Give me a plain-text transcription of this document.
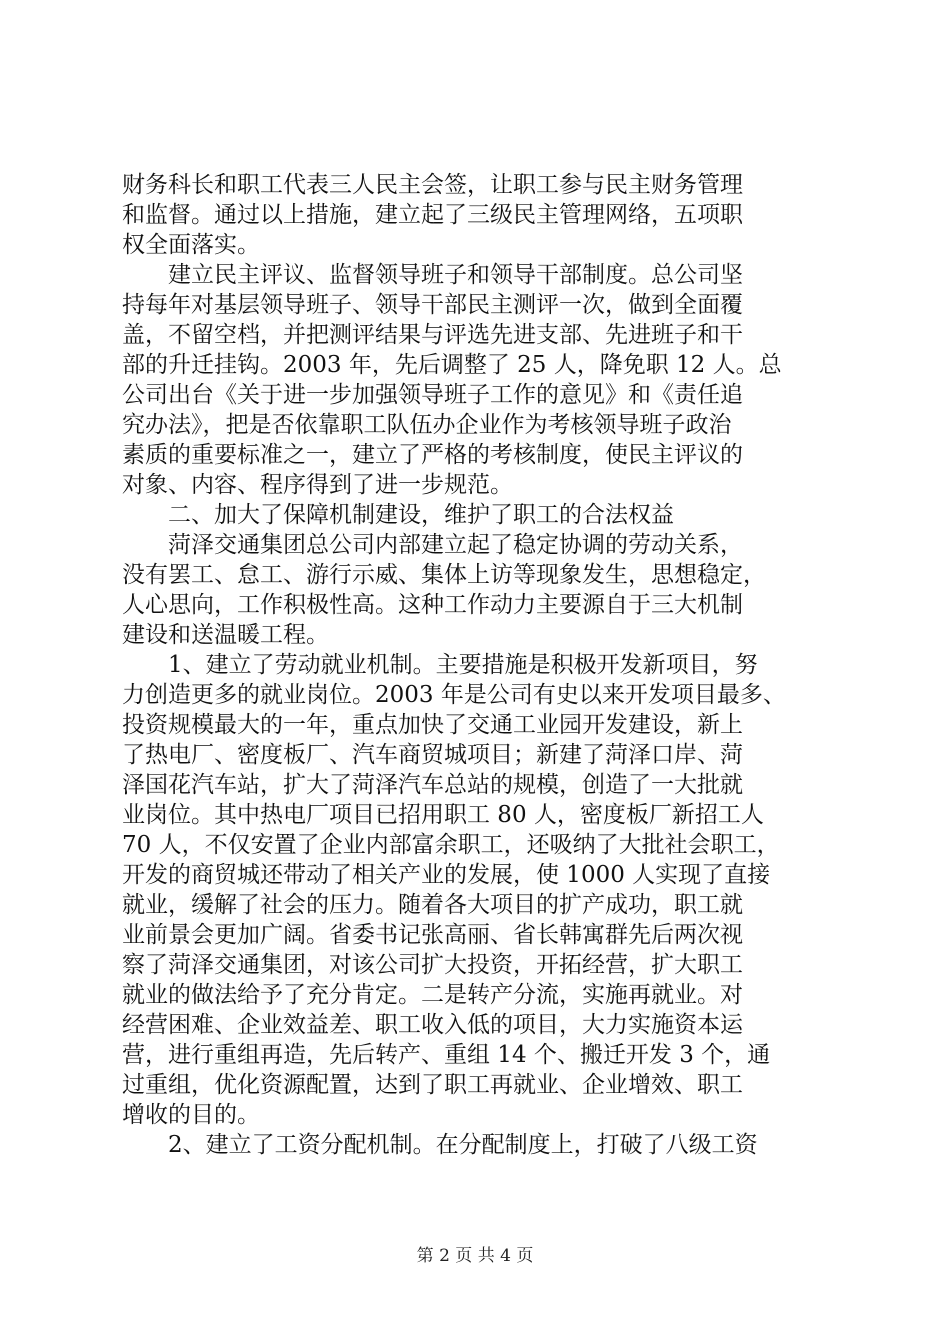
财务科长和职工代表三人民主会签，让职工参与民主财务管理
和监督。通过以上措施，建立起了三级民主管理网络，五项职
权全面落实。
建立民主评议、监督领导班子和领导干部制度。总公司坚
持每年对基层领导班子、领导干部民主测评一次，做到全面覆
盖，不留空档，并把测评结果与评选先进支部、先进班子和干
部的升迁挂钩。2003 年，先后调整了 25 人，降免职 12 人。总
公司出台《关于进一步加强领导班子工作的意见》和《责任追
究办法》，把是否依靠职工队伍办企业作为考核领导班子政治
素质的重要标准之一，建立了严格的考核制度，使民主评议的
对象、内容、程序得到了进一步规范。
二、加大了保障机制建设，维护了职工的合法权益
菏泽交通集团总公司内部建立起了稳定协调的劳动关系，
没有罢工、怠工、游行示威、集体上访等现象发生，思想稳定，
人心思向，工作积极性高。这种工作动力主要源自于三大机制
建设和送温暖工程。
1、建立了劳动就业机制。主要措施是积极开发新项目，努
力创造更多的就业岗位。2003 年是公司有史以来开发项目最多、
投资规模最大的一年，重点加快了交通工业园开发建设，新上
了热电厂、密度板厂、汽车商贸城项目；新建了菏泽口岸、菏
泽国花汽车站，扩大了菏泽汽车总站的规模，创造了一大批就
业岗位。其中热电厂项目已招用职工 80 人，密度板厂新招工人
70 人，不仅安置了企业内部富余职工，还吸纳了大批社会职工，
开发的商贸城还带动了相关产业的发展，使 1000 人实现了直接
就业，缓解了社会的压力。随着各大项目的扩产成功，职工就
业前景会更加广阔。省委书记张高丽、省长韩寓群先后两次视
察了菏泽交通集团，对该公司扩大投资，开拓经营，扩大职工
就业的做法给予了充分肯定。二是转产分流，实施再就业。对
经营困难、企业效益差、职工收入低的项目，大力实施资本运
营，进行重组再造，先后转产、重组 14 个、搬迁开发 3 个，通
过重组，优化资源配置，达到了职工再就业、企业增效、职工
增收的目的。
2、建立了工资分配机制。在分配制度上，打破了八级工资
第 2 页 共 4 页
